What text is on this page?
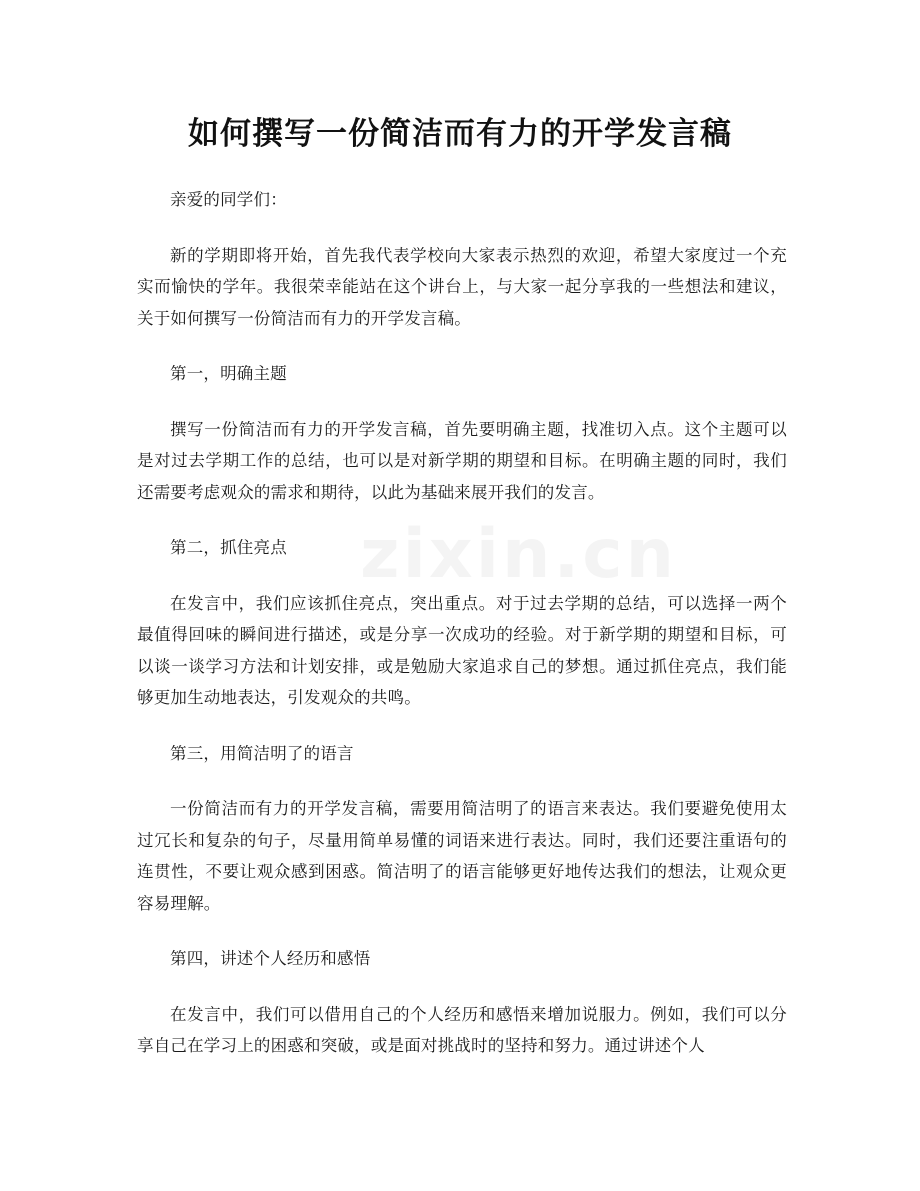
如何撰写一份简洁而有力的开学发言稿

亲爱的同学们：

新的学期即将开始，首先我代表学校向大家表示热烈的欢迎，希望大家度过一个充实而愉快的学年。我很荣幸能站在这个讲台上，与大家一起分享我的一些想法和建议，关于如何撰写一份简洁而有力的开学发言稿。

第一，明确主题

撰写一份简洁而有力的开学发言稿，首先要明确主题，找准切入点。这个主题可以是对过去学期工作的总结，也可以是对新学期的期望和目标。在明确主题的同时，我们还需要考虑观众的需求和期待，以此为基础来展开我们的发言。

第二，抓住亮点

在发言中，我们应该抓住亮点，突出重点。对于过去学期的总结，可以选择一两个最值得回味的瞬间进行描述，或是分享一次成功的经验。对于新学期的期望和目标，可以谈一谈学习方法和计划安排，或是勉励大家追求自己的梦想。通过抓住亮点，我们能够更加生动地表达，引发观众的共鸣。

第三，用简洁明了的语言

一份简洁而有力的开学发言稿，需要用简洁明了的语言来表达。我们要避免使用太过冗长和复杂的句子，尽量用简单易懂的词语来进行表达。同时，我们还要注重语句的连贯性，不要让观众感到困惑。简洁明了的语言能够更好地传达我们的想法，让观众更容易理解。

第四，讲述个人经历和感悟

在发言中，我们可以借用自己的个人经历和感悟来增加说服力。例如，我们可以分享自己在学习上的困惑和突破，或是面对挑战时的坚持和努力。通过讲述个人
